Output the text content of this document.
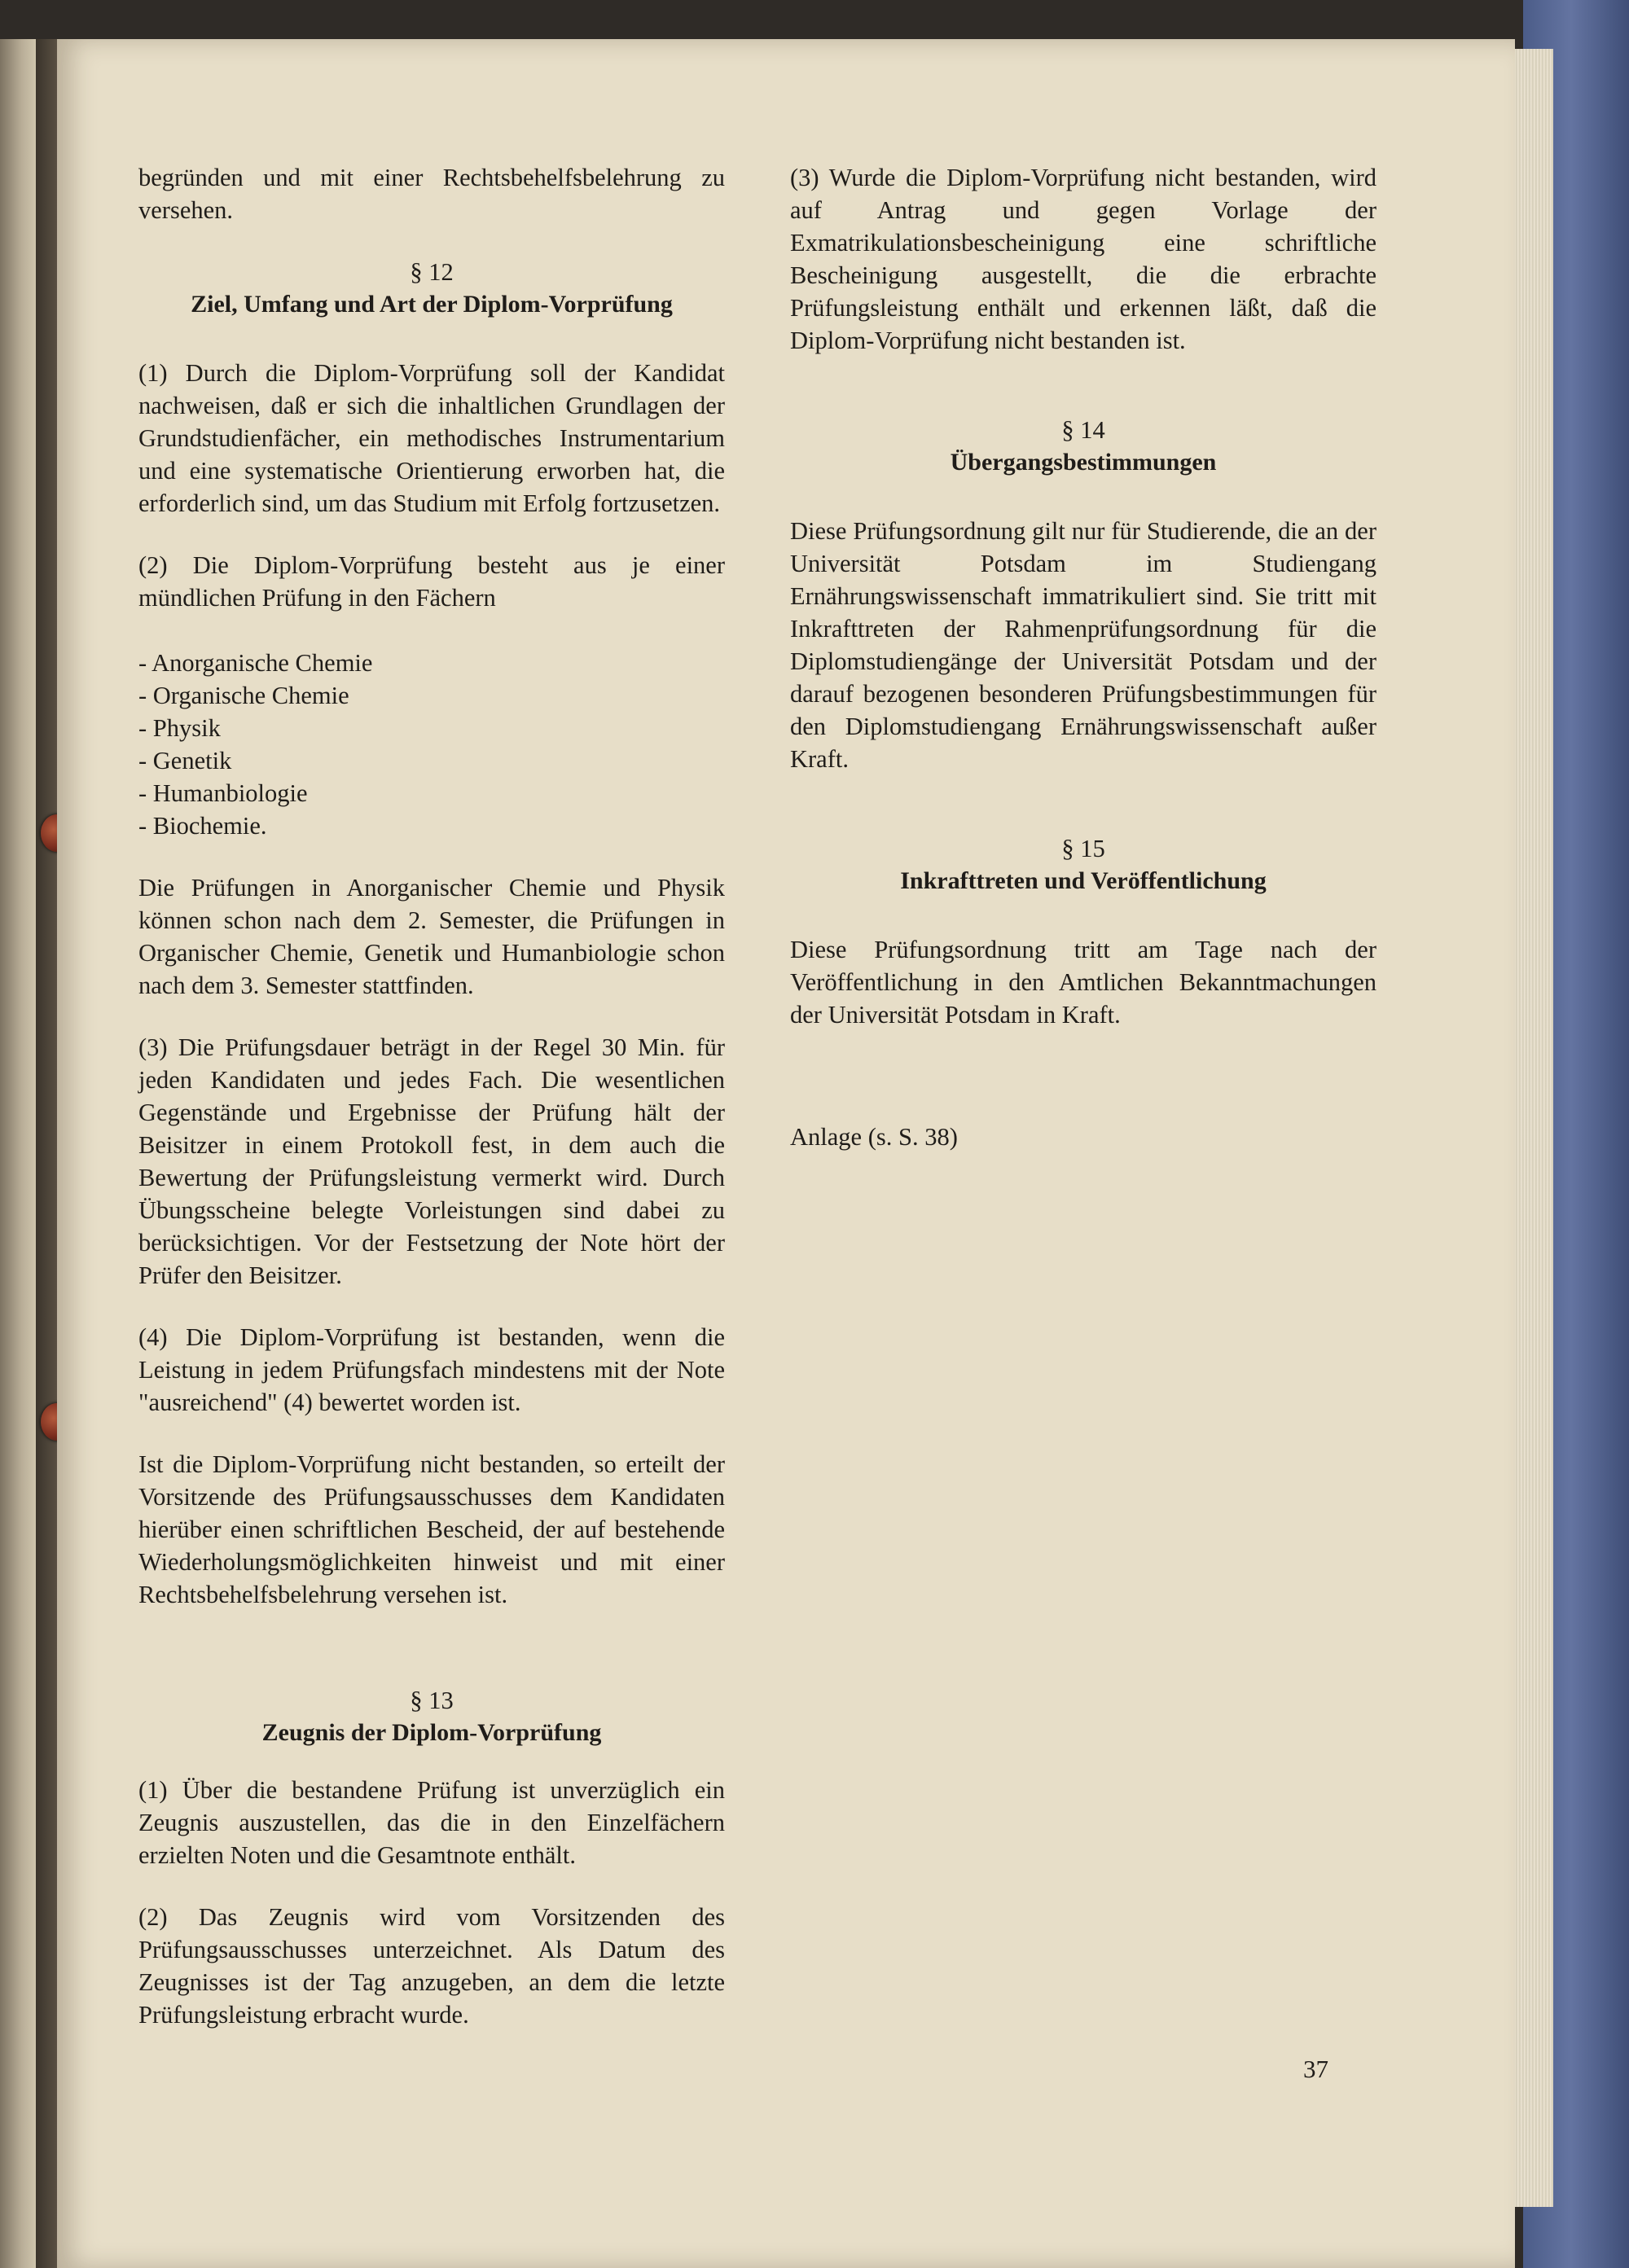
begründen und mit einer Rechtsbehelfsbelehrung zu versehen.

§ 12

Ziel, Umfang und Art der Diplom-Vorprüfung

(1) Durch die Diplom-Vorprüfung soll der Kandidat nachweisen, daß er sich die inhaltlichen Grundlagen der Grundstudienfächer, ein methodisches Instrumentarium und eine systematische Orientierung erworben hat, die erforderlich sind, um das Studium mit Erfolg fortzusetzen.

(2) Die Diplom-Vorprüfung besteht aus je einer mündlichen Prüfung in den Fächern

- Anorganische Chemie
- Organische Chemie
- Physik
- Genetik
- Humanbiologie
- Biochemie.

Die Prüfungen in Anorganischer Chemie und Physik können schon nach dem 2. Semester, die Prüfungen in Organischer Chemie, Genetik und Humanbiologie schon nach dem 3. Semester stattfinden.

(3) Die Prüfungsdauer beträgt in der Regel 30 Min. für jeden Kandidaten und jedes Fach. Die wesentlichen Gegenstände und Ergebnisse der Prüfung hält der Beisitzer in einem Protokoll fest, in dem auch die Bewertung der Prüfungsleistung vermerkt wird. Durch Übungsscheine belegte Vorleistungen sind dabei zu berücksichtigen. Vor der Festsetzung der Note hört der Prüfer den Beisitzer.

(4) Die Diplom-Vorprüfung ist bestanden, wenn die Leistung in jedem Prüfungsfach mindestens mit der Note "ausreichend" (4) bewertet worden ist.

Ist die Diplom-Vorprüfung nicht bestanden, so erteilt der Vorsitzende des Prüfungsausschusses dem Kandidaten hierüber einen schriftlichen Bescheid, der auf bestehende Wiederholungsmöglichkeiten hinweist und mit einer Rechtsbehelfsbelehrung versehen ist.

§ 13

Zeugnis der Diplom-Vorprüfung

(1) Über die bestandene Prüfung ist unverzüglich ein Zeugnis auszustellen, das die in den Einzelfächern erzielten Noten und die Gesamtnote enthält.

(2) Das Zeugnis wird vom Vorsitzenden des Prüfungsausschusses unterzeichnet. Als Datum des Zeugnisses ist der Tag anzugeben, an dem die letzte Prüfungsleistung erbracht wurde.

(3) Wurde die Diplom-Vorprüfung nicht bestanden, wird auf Antrag und gegen Vorlage der Exmatrikulationsbescheinigung eine schriftliche Bescheinigung ausgestellt, die die erbrachte Prüfungsleistung enthält und erkennen läßt, daß die Diplom-Vorprüfung nicht bestanden ist.

§ 14

Übergangsbestimmungen

Diese Prüfungsordnung gilt nur für Studierende, die an der Universität Potsdam im Studiengang Ernährungswissenschaft immatrikuliert sind. Sie tritt mit Inkrafttreten der Rahmenprüfungsordnung für die Diplomstudiengänge der Universität Potsdam und der darauf bezogenen besonderen Prüfungsbestimmungen für den Diplomstudiengang Ernährungswissenschaft außer Kraft.

§ 15

Inkrafttreten und Veröffentlichung

Diese Prüfungsordnung tritt am Tage nach der Veröffentlichung in den Amtlichen Bekanntmachungen der Universität Potsdam in Kraft.

Anlage (s. S. 38)

37
